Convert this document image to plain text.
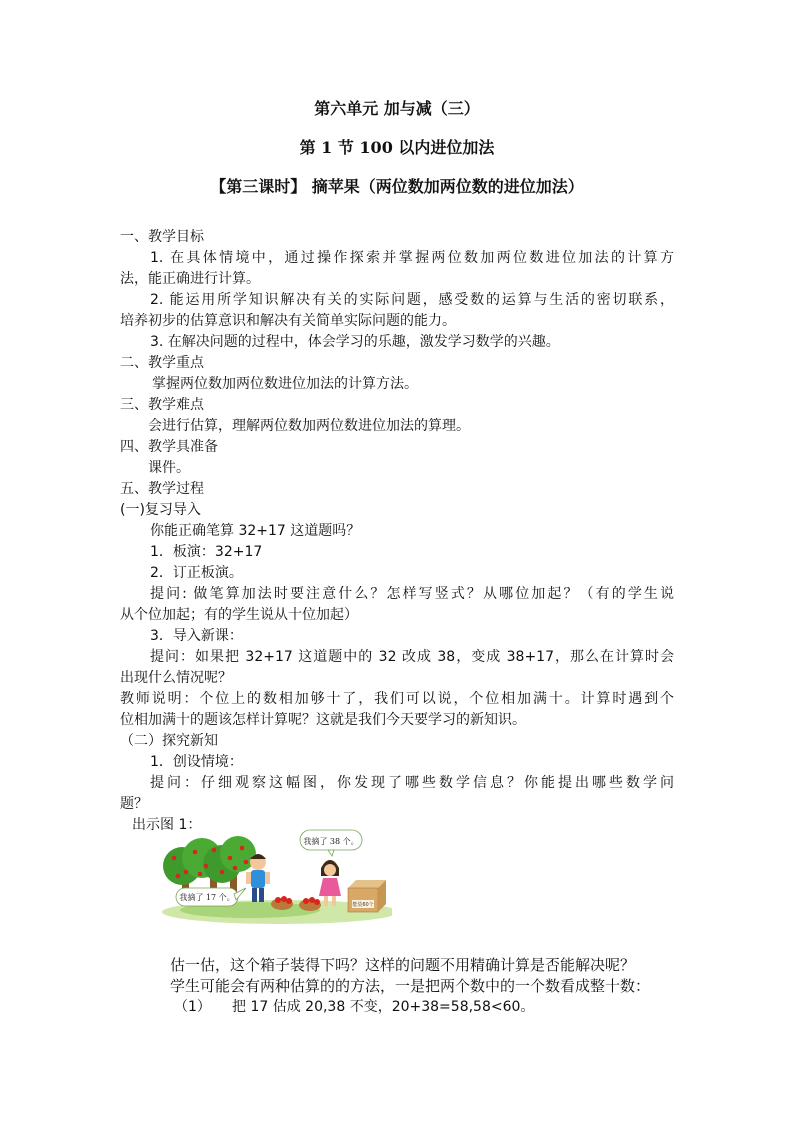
第六单元 加与减（三）
第 1 节 100 以内进位加法
【第三课时】 摘苹果（两位数加两位数的进位加法）
一、教学目标
1. 在具体情境中，通过操作探索并掌握两位数加两位数进位加法的计算方
法，能正确进行计算。
2. 能运用所学知识解决有关的实际问题，感受数的运算与生活的密切联系，
培养初步的估算意识和解决有关简单实际问题的能力。
3. 在解决问题的过程中，体会学习的乐趣，激发学习数学的兴趣。
二、教学重点
掌握两位数加两位数进位加法的计算方法。
三、教学难点
会进行估算，理解两位数加两位数进位加法的算理。
四、教学具准备
课件。
五、教学过程
(一)复习导入
你能正确笔算 32+17 这道题吗？
1．板演：32+17
2．订正板演。
提问: 做笔算加法时要注意什么？怎样写竖式？从哪位加起？（有的学生说
从个位加起；有的学生说从十位加起）
3．导入新课：
提问：如果把 32+17 这道题中的 32 改成 38，变成 38+17，那么在计算时会
出现什么情况呢？
教师说明：个位上的数相加够十了，我们可以说，个位相加满十。计算时遇到个
位相加满十的题该怎样计算呢？这就是我们今天要学习的新知识。
（二）探究新知
1．创设情境：
提问：仔细观察这幅图，你发现了哪些数学信息？你能提出哪些数学问
题？
出示图 1：
能装60个
我摘了 38 个。
我摘了 17 个。
估一估，这个箱子装得下吗？这样的问题不用精确计算是否能解决呢？
学生可能会有两种估算的的方法，一是把两个数中的一个数看成整十数：
（1） 把 17 估成 20,38 不变，20+38=58,58<60。
